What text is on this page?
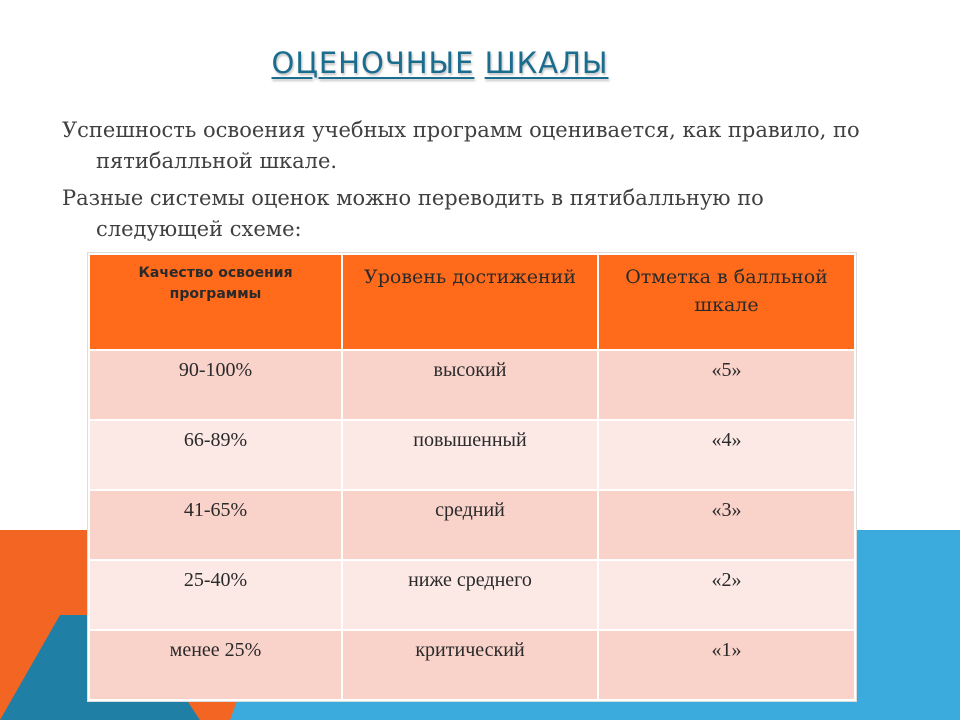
ОЦЕНОЧНЫЕ ШКАЛЫ
Успешность освоения учебных программ оценивается, как правило, по пятибалльной шкале.
Разные системы оценок можно переводить в пятибалльную по следующей схеме:
Качество освоения программы	Уровень достижений	Отметка в балльной шкале

90-100%	высокий	«5»
66-89%	повышенный	«4»
41-65%	средний	«3»
25-40%	ниже среднего	«2»
менее 25%	критический	«1»
